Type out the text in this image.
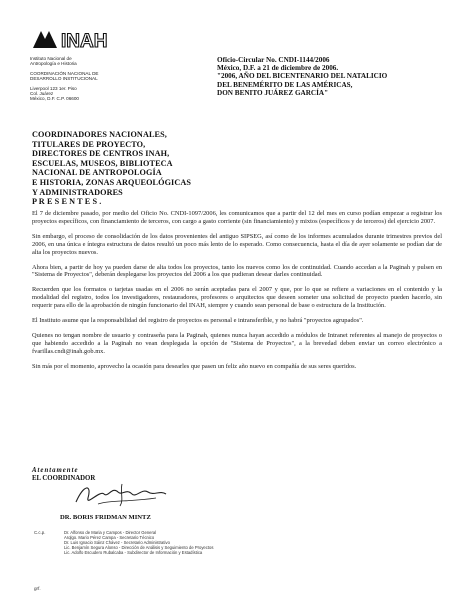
INAH
Instituto Nacional de
Antropología e Historia
COORDINACIÓN NACIONAL DE
DESARROLLO INSTITUCIONAL
Liverpool 123 1er. Piso
Col. Juárez
México, D.F. C.P. 06600
Oficio-Circular No. CNDI-1144/2006
México, D.F. a 21 de diciembre de 2006.
"2006, AÑO DEL BICENTENARIO DEL NATALICIO
DEL BENEMÉRITO DE LAS AMÉRICAS,
DON BENITO JUÁREZ GARCÍA"
COORDINADORES NACIONALES,
TITULARES DE PROYECTO,
DIRECTORES DE CENTROS INAH,
ESCUELAS, MUSEOS, BIBLIOTECA
NACIONAL DE ANTROPOLOGÍA
E HISTORIA, ZONAS ARQUEOLÓGICAS
Y ADMINISTRADORES
P R E S E N T E S .

El 7 de diciembre pasado, por medio del Oficio No. CNDI-1097/2006, les comunicamos que a partir del 12 del mes en curso podían empezar a registrar los proyectos específicos, con financiamiento de terceros, con cargo a gasto corriente (sin financiamiento) y mixtos (específicos y de terceros) del ejercicio 2007.

Sin embargo, el proceso de consolidación de los datos provenientes del antiguo SIPSEG, así como de los informes acumulados durante trimestres previos del 2006, en una única e íntegra estructura de datos resultó un poco más lento de lo esperado. Como consecuencia, hasta el día de ayer solamente se podían dar de alta los proyectos nuevos.

Ahora bien, a partir de hoy ya pueden darse de alta todos los proyectos, tanto los nuevos como los de continuidad. Cuando accedan a la Paginah y pulsen en "Sistema de Proyectos", deberán desplegarse los proyectos del 2006 a los que pudieran desear darles continuidad.

Recuerden que los formatos o tarjetas usadas en el 2006 no serán aceptadas para el 2007 y que, por lo que se refiere a variaciones en el contenido y la modalidad del registro, todos los investigadores, restauradores, profesores o arquitectos que deseen someter una solicitud de proyecto pueden hacerlo, sin requerir para ello de la aprobación de ningún funcionario del INAH, siempre y cuando sean personal de base o estructura de la Institución.

El Instituto asume que la responsabilidad del registro de proyectos es personal e intransferible, y no habrá "proyectos agrupados".

Quienes no tengan nombre de usuario y contraseña para la Paginah, quienes nunca hayan accedido a módulos de Intranet referentes al manejo de proyectos o que habiendo accedido a la Paginah no vean desplegada la opción de "Sistema de Proyectos", a la brevedad deben enviar un correo electrónico a fvarillas.cndi@inah.gob.mx.

Sin más por el momento, aprovecho la ocasión para desearles que pasen un feliz año nuevo en compañía de sus seres queridos.

Atentamente
EL COORDINADOR
DR. BORIS FRIDMAN MINTZ
C.c.p.	Dr. Alfonso de Maria y Campos - Director General
Arqlgo. Mario Pérez Campa - Secretario Técnico
Dr. Luis Ignacio Sáinz Chávez - Secretario Administrativo
Lic. Benjamín Segura Alonso - Dirección de Análisis y Seguimiento de Proyectos
Lic. Adolfo Escudero Rubalcaba - Subdirector de Información y Estadística
grf.
